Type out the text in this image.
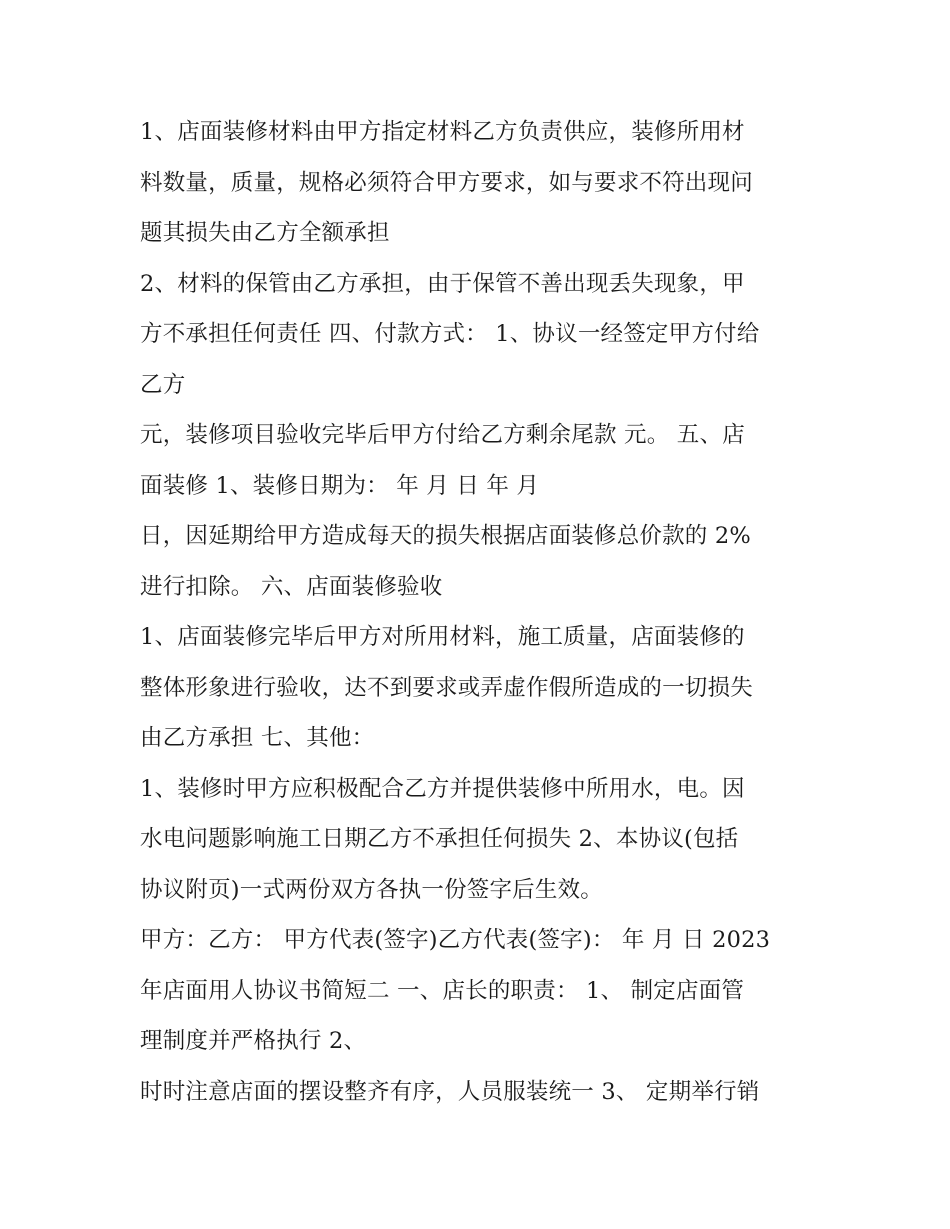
1、店面装修材料由甲方指定材料乙方负责供应，装修所用材
料数量，质量，规格必须符合甲方要求，如与要求不符出现问
题其损失由乙方全额承担
2、材料的保管由乙方承担，由于保管不善出现丢失现象，甲
方不承担任何责任 四、付款方式： 1、协议一经签定甲方付给
乙方
元，装修项目验收完毕后甲方付给乙方剩余尾款 元。 五、店
面装修 1、装修日期为： 年 月 日 年 月
日，因延期给甲方造成每天的损失根据店面装修总价款的 2%
进行扣除。 六、店面装修验收
1、店面装修完毕后甲方对所用材料，施工质量，店面装修的
整体形象进行验收，达不到要求或弄虚作假所造成的一切损失
由乙方承担 七、其他：
1、装修时甲方应积极配合乙方并提供装修中所用水，电。因
水电问题影响施工日期乙方不承担任何损失 2、本协议(包括
协议附页)一式两份双方各执一份签字后生效。
甲方：乙方： 甲方代表(签字)乙方代表(签字)： 年 月 日 2023
年店面用人协议书简短二 一、店长的职责： 1、 制定店面管
理制度并严格执行 2、
时时注意店面的摆设整齐有序，人员服装统一 3、 定期举行销
